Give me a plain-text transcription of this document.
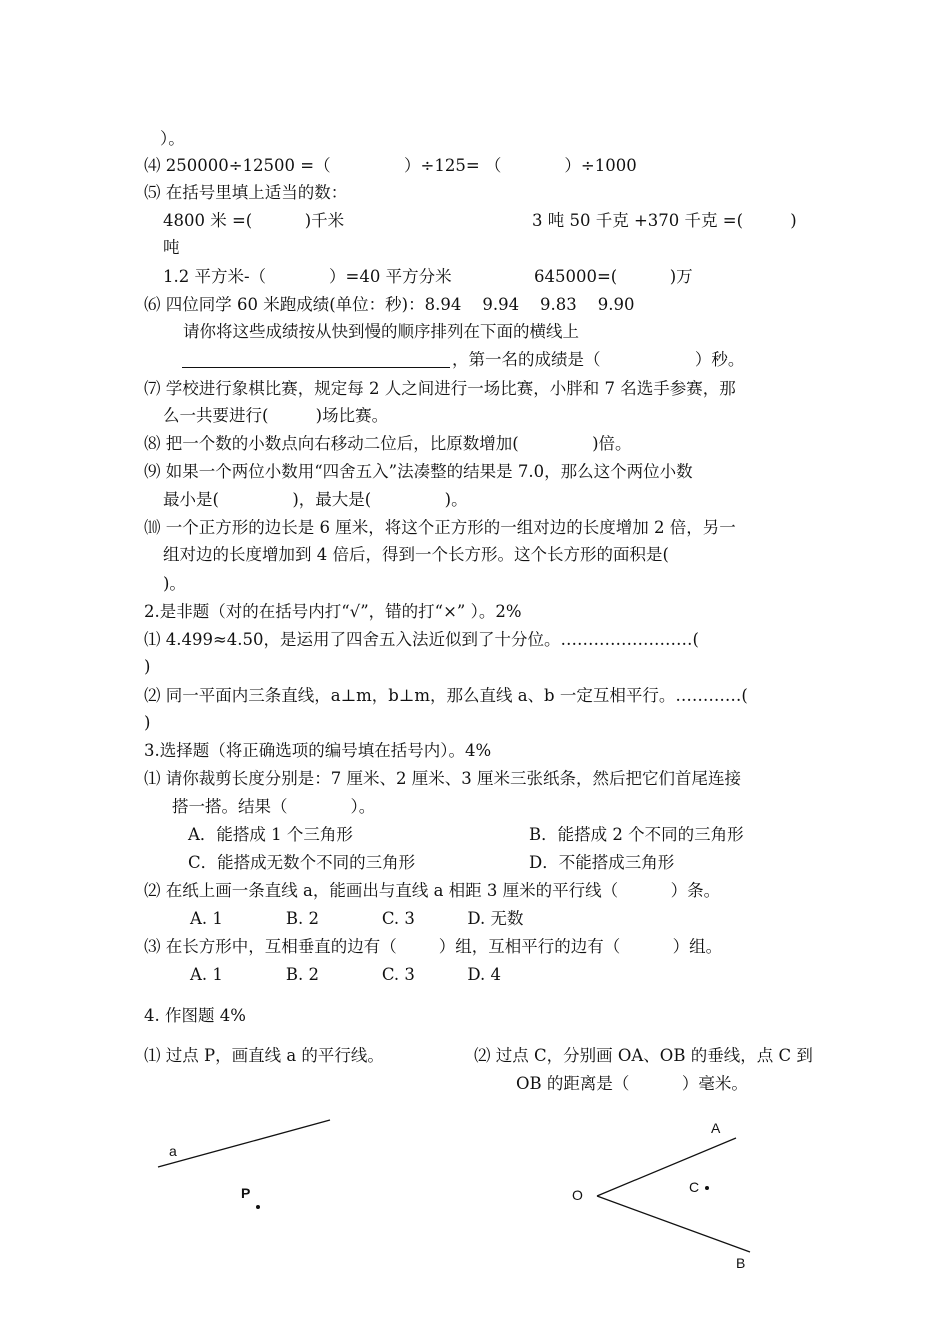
）。
⑷ 250000÷12500 =（              ）÷125= （            ）÷1000
⑸ 在括号里填上适当的数：
4800 米 =(          )千米	3 吨 50 千克 +370 千克 =(         )
吨
1.2 平方米-（            ）=40 平方分米	645000=(          )万
⑹ 四位同学 60 米跑成绩(单位：秒)：8.94    9.94    9.83    9.90
请你将这些成绩按从快到慢的顺序排列在下面的横线上
，第一名的成绩是（                  ）秒。
⑺ 学校进行象棋比赛，规定每 2 人之间进行一场比赛，小胖和 7 名选手参赛，那
么一共要进行(         )场比赛。
⑻ 把一个数的小数点向右移动二位后，比原数增加(              )倍。
⑼ 如果一个两位小数用“四舍五入”法凑整的结果是 7.0，那么这个两位小数
最小是(              )，最大是(              )。
⑽ 一个正方形的边长是 6 厘米，将这个正方形的一组对边的长度增加 2 倍，另一
组对边的长度增加到 4 倍后，得到一个长方形。这个长方形的面积是(
)。
2.是非题（对的在括号内打“√”，错的打“×” ）。2%
⑴ 4.499≈4.50，是运用了四舍五入法近似到了十分位。……………………(
)
⑵ 同一平面内三条直线，a⊥m，b⊥m，那么直线 a、b 一定互相平行。…………(
)
3.选择题（将正确选项的编号填在括号内）。4%
⑴ 请你裁剪长度分别是：7 厘米、2 厘米、3 厘米三张纸条，然后把它们首尾连接
搭一搭。结果（            ）。
A．能搭成 1 个三角形	B．能搭成 2 个不同的三角形
C．能搭成无数个不同的三角形	D．不能搭成三角形
⑵ 在纸上画一条直线 a，能画出与直线 a 相距 3 厘米的平行线（          ）条。
A. 1            B. 2            C. 3          D. 无数
⑶ 在长方形中，互相垂直的边有（        ）组，互相平行的边有（          ）组。
A. 1            B. 2            C. 3          D. 4
4. 作图题 4%
⑴ 过点 P，画直线 a 的平行线。	⑵ 过点 C，分别画 OA、OB 的垂线，点 C 到
OB 的距离是（          ）毫米。
a
P	O
A
C
B
